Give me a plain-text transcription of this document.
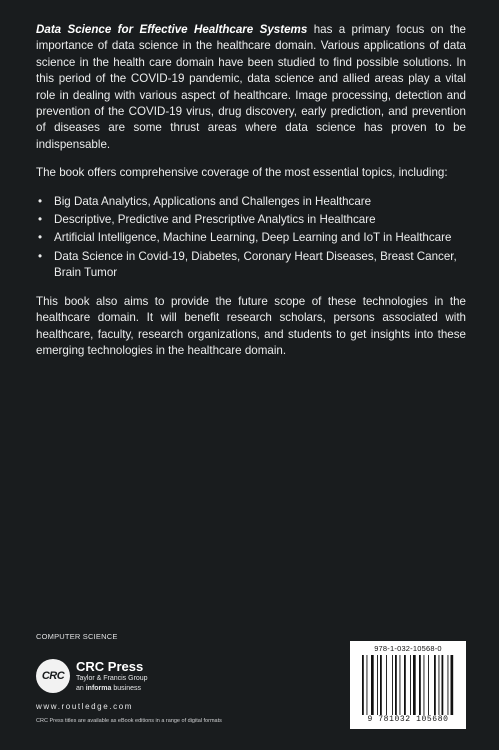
Data Science for Effective Healthcare Systems has a primary focus on the importance of data science in the healthcare domain. Various applications of data science in the health care domain have been studied to find possible solutions. In this period of the COVID-19 pandemic, data science and allied areas play a vital role in dealing with various aspect of healthcare. Image processing, detection and prevention of the COVID-19 virus, drug discovery, early prediction, and prevention of diseases are some thrust areas where data science has proven to be indispensable.

The book offers comprehensive coverage of the most essential topics, including:

• Big Data Analytics, Applications and Challenges in Healthcare
• Descriptive, Predictive and Prescriptive Analytics in Healthcare
• Artificial Intelligence, Machine Learning, Deep Learning and IoT in Healthcare
• Data Science in Covid-19, Diabetes, Coronary Heart Diseases, Breast Cancer, Brain Tumor

This book also aims to provide the future scope of these technologies in the healthcare domain. It will benefit research scholars, persons associated with healthcare, faculty, research organizations, and students to get insights into these emerging technologies in the healthcare domain.

COMPUTER SCIENCE
CRC
CRC Press
Taylor & Francis Group
an informa business
www.routledge.com
CRC Press titles are available as eBook editions in a range of digital formats
978-1-032-10568-0
9 781032 105680
